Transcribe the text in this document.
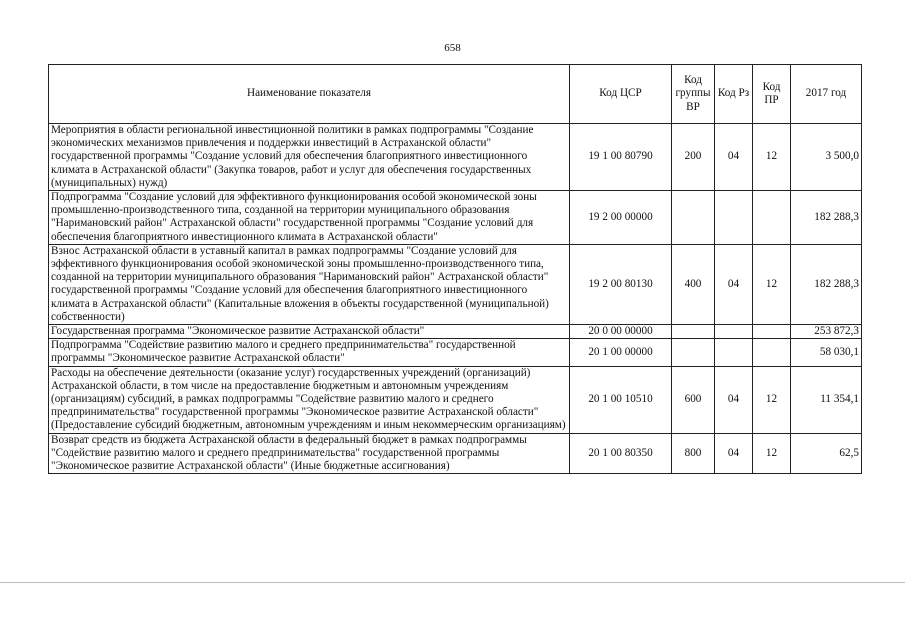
658
Наименование показателя	Код ЦСР	Код группы ВР	Код Рз	Код ПР	2017 год
Мероприятия в области региональной инвестиционной политики в рамках подпрограммы "Создание экономических механизмов привлечения и поддержки инвестиций в Астраханской области" государственной программы "Создание условий для обеспечения благоприятного инвестиционного климата в Астраханской области" (Закупка товаров, работ и услуг для обеспечения государственных (муниципальных) нужд)	19 1 00 80790	200	04	12	3 500,0
Подпрограмма "Создание условий для эффективного функционирования особой экономической зоны промышленно-производственного типа, созданной на территории муниципального образования "Наримановский район" Астраханской области" государственной программы "Создание условий для обеспечения благоприятного инвестиционного климата в Астраханской области"	19 2 00 00000				182 288,3
Взнос Астраханской области в уставный капитал в рамках подпрограммы "Создание условий для эффективного функционирования особой экономической зоны промышленно-производственного типа, созданной на территории муниципального образования "Наримановский район" Астраханской области" государственной программы "Создание условий для обеспечения благоприятного инвестиционного климата в Астраханской области" (Капитальные вложения в объекты государственной (муниципальной) собственности)	19 2 00 80130	400	04	12	182 288,3
Государственная программа "Экономическое развитие Астраханской области"	20 0 00 00000				253 872,3
Подпрограмма "Содействие развитию малого и среднего предпринимательства" государственной программы "Экономическое развитие Астраханской области"	20 1 00 00000				58 030,1
Расходы на обеспечение деятельности (оказание услуг) государственных учреждений (организаций) Астраханской области, в том числе на предоставление бюджетным и автономным учреждениям (организациям) субсидий, в рамках подпрограммы "Содействие развитию малого и среднего предпринимательства" государственной программы "Экономическое развитие Астраханской области" (Предоставление субсидий бюджетным, автономным учреждениям и иным некоммерческим организациям)	20 1 00 10510	600	04	12	11 354,1
Возврат средств из бюджета Астраханской области в федеральный бюджет в рамках подпрограммы "Содействие развитию малого и среднего предпринимательства" государственной программы "Экономическое развитие Астраханской области" (Иные бюджетные ассигнования)	20 1 00 80350	800	04	12	62,5
